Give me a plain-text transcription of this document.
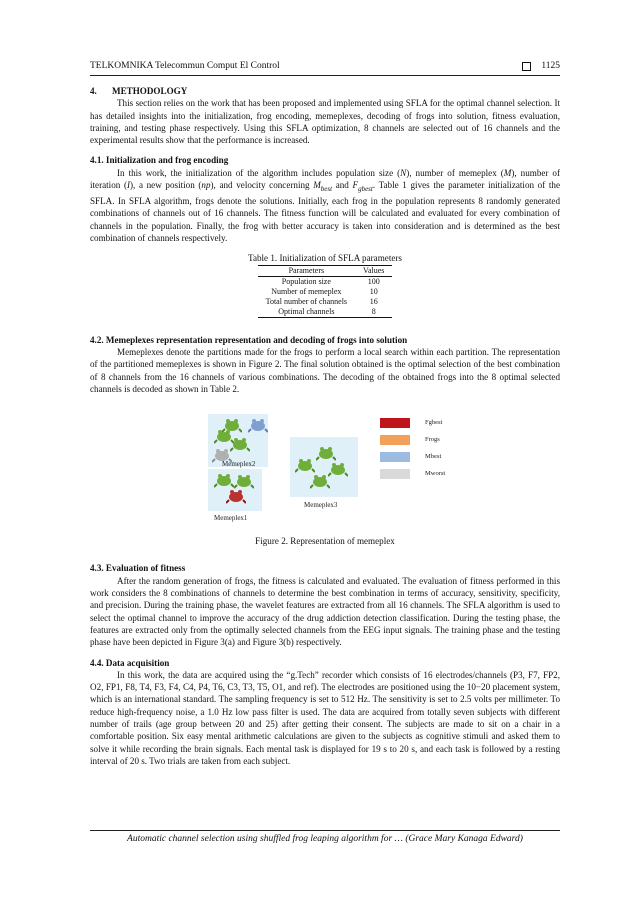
TELKOMNIKA Telecommun Comput El Control	1125

4. METHODOLOGY

This section relies on the work that has been proposed and implemented using SFLA for the optimal channel selection. It has detailed insights into the initialization, frog encoding, memeplexes, decoding of frogs into solution, fitness evaluation, training, and testing phase respectively. Using this SFLA optimization, 8 channels are selected out of 16 channels and the experimental results show that the performance is increased.

4.1. Initialization and frog encoding

In this work, the initialization of the algorithm includes population size (N), number of memeplex (M), number of iteration (I), a new position (np), and velocity concerning $M_{best}$ and $F_{gbest}$. Table 1 gives the parameter initialization of the SFLA. In SFLA algorithm, frogs denote the solutions. Initially, each frog in the population represents 8 randomly generated combinations of channels out of 16 channels. The fitness function will be calculated and evaluated for every combination of channels in the population. Finally, the frog with better accuracy is taken into consideration and is determined as the best combination of channels respectively.

Table 1. Initialization of SFLA parameters
Parameters	Values
Population size	100
Number of memeplex	10
Total number of channels	16
Optimal channels	8

4.2. Memeplexes representation representation and decoding of frogs into solution

Memeplexes denote the partitions made for the frogs to perform a local search within each partition. The representation of the partitioned memeplexes is shown in Figure 2. The final solution obtained is the optimal selection of the best combination of 8 channels from the 16 channels of various combinations. The decoding of the obtained frogs into the 8 optimal selected channels is decoded as shown in Table 2.

Memeplex2
Memeplex1
Memeplex3
Fgbest
Frogs
Mbest
Mworst
Figure 2. Representation of memeplex

4.3. Evaluation of fitness

After the random generation of frogs, the fitness is calculated and evaluated. The evaluation of fitness performed in this work considers the 8 combinations of channels to determine the best combination in terms of accuracy, sensitivity, specificity, and precision. During the training phase, the wavelet features are extracted from all 16 channels. The SFLA algorithm is used to select the optimal channel to improve the accuracy of the drug addiction detection classification. During the testing phase, the features are extracted only from the optimally selected channels from the EEG input signals. The training phase and the testing phase have been depicted in Figure 3(a) and Figure 3(b) respectively.

4.4. Data acquisition

In this work, the data are acquired using the “g.Tech” recorder which consists of 16 electrodes/channels (P3, F7, FP2, O2, FP1, F8, T4, F3, F4, C4, P4, T6, C3, T3, T5, O1, and ref). The electrodes are positioned using the 10−20 placement system, which is an international standard. The sampling frequency is set to 512 Hz. The sensitivity is set to 2.5 volts per millimeter. To reduce high-frequency noise, a 1.0 Hz low pass filter is used. The data are acquired from totally seven subjects with different number of trails (age group between 20 and 25) after getting their consent. The subjects are made to sit on a chair in a comfortable position. Six easy mental arithmetic calculations are given to the subjects as cognitive stimuli and asked them to solve it while recording the brain signals. Each mental task is displayed for 19 s to 20 s, and each task is followed by a resting interval of 20 s. Two trials are taken from each subject.

Automatic channel selection using shuffled frog leaping algorithm for … (Grace Mary Kanaga Edward)
